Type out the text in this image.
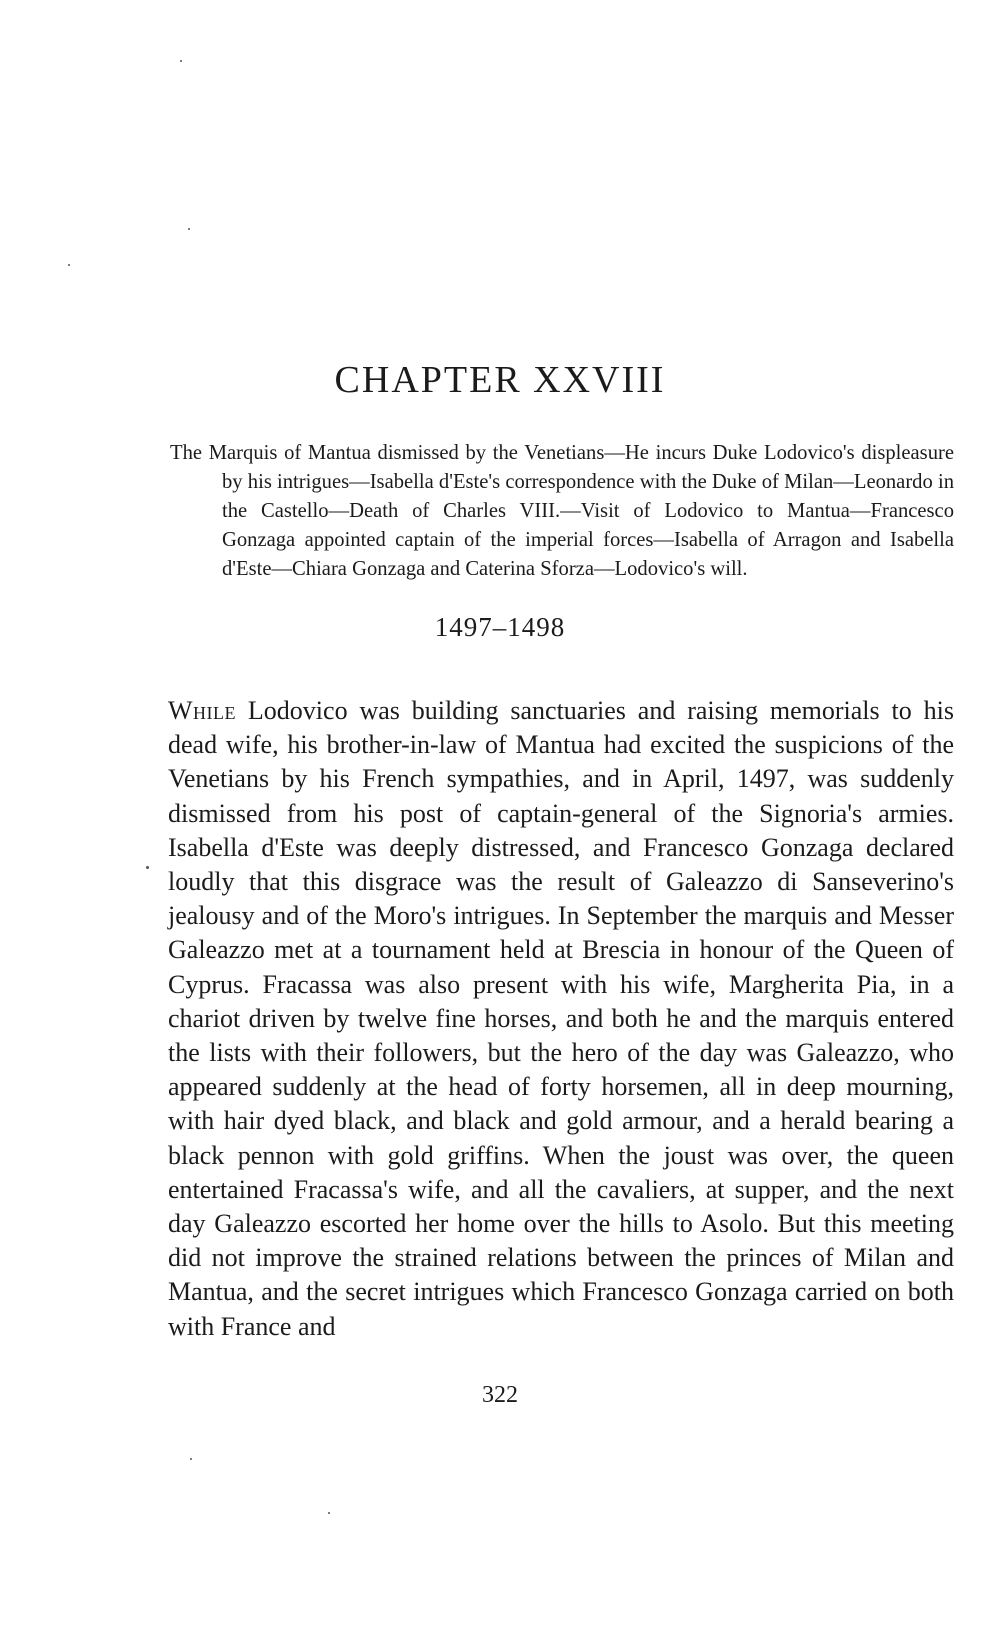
CHAPTER XXVIII

The Marquis of Mantua dismissed by the Venetians—He incurs Duke Lodovico's displeasure by his intrigues—Isabella d'Este's correspondence with the Duke of Milan—Leonardo in the Castello—Death of Charles VIII.—Visit of Lodovico to Mantua—Francesco Gonzaga appointed captain of the imperial forces—Isabella of Arragon and Isabella d'Este—Chiara Gonzaga and Caterina Sforza—Lodovico's will.

1497–1498

While Lodovico was building sanctuaries and raising memorials to his dead wife, his brother-in-law of Mantua had excited the suspicions of the Venetians by his French sympathies, and in April, 1497, was suddenly dismissed from his post of captain-general of the Signoria's armies. Isabella d'Este was deeply distressed, and Francesco Gonzaga declared loudly that this disgrace was the result of Galeazzo di Sanseverino's jealousy and of the Moro's intrigues. In September the marquis and Messer Galeazzo met at a tournament held at Brescia in honour of the Queen of Cyprus. Fracassa was also present with his wife, Margherita Pia, in a chariot driven by twelve fine horses, and both he and the marquis entered the lists with their followers, but the hero of the day was Galeazzo, who appeared suddenly at the head of forty horsemen, all in deep mourning, with hair dyed black, and black and gold armour, and a herald bearing a black pennon with gold griffins. When the joust was over, the queen entertained Fracassa's wife, and all the cavaliers, at supper, and the next day Galeazzo escorted her home over the hills to Asolo. But this meeting did not improve the strained relations between the princes of Milan and Mantua, and the secret intrigues which Francesco Gonzaga carried on both with France and

322
